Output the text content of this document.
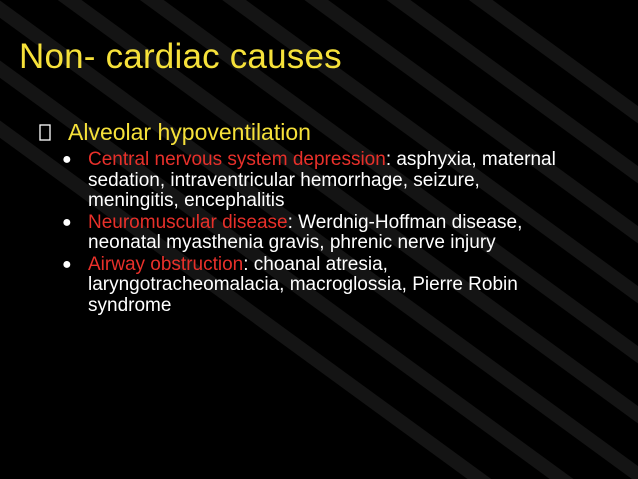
Non- cardiac causes
Alveolar hypoventilation
● Central nervous system depression: asphyxia, maternal sedation, intraventricular hemorrhage, seizure, meningitis, encephalitis
● Neuromuscular disease: Werdnig-Hoffman disease, neonatal myasthenia gravis, phrenic nerve injury
● Airway obstruction: choanal atresia, laryngotracheomalacia, macroglossia, Pierre Robin syndrome
